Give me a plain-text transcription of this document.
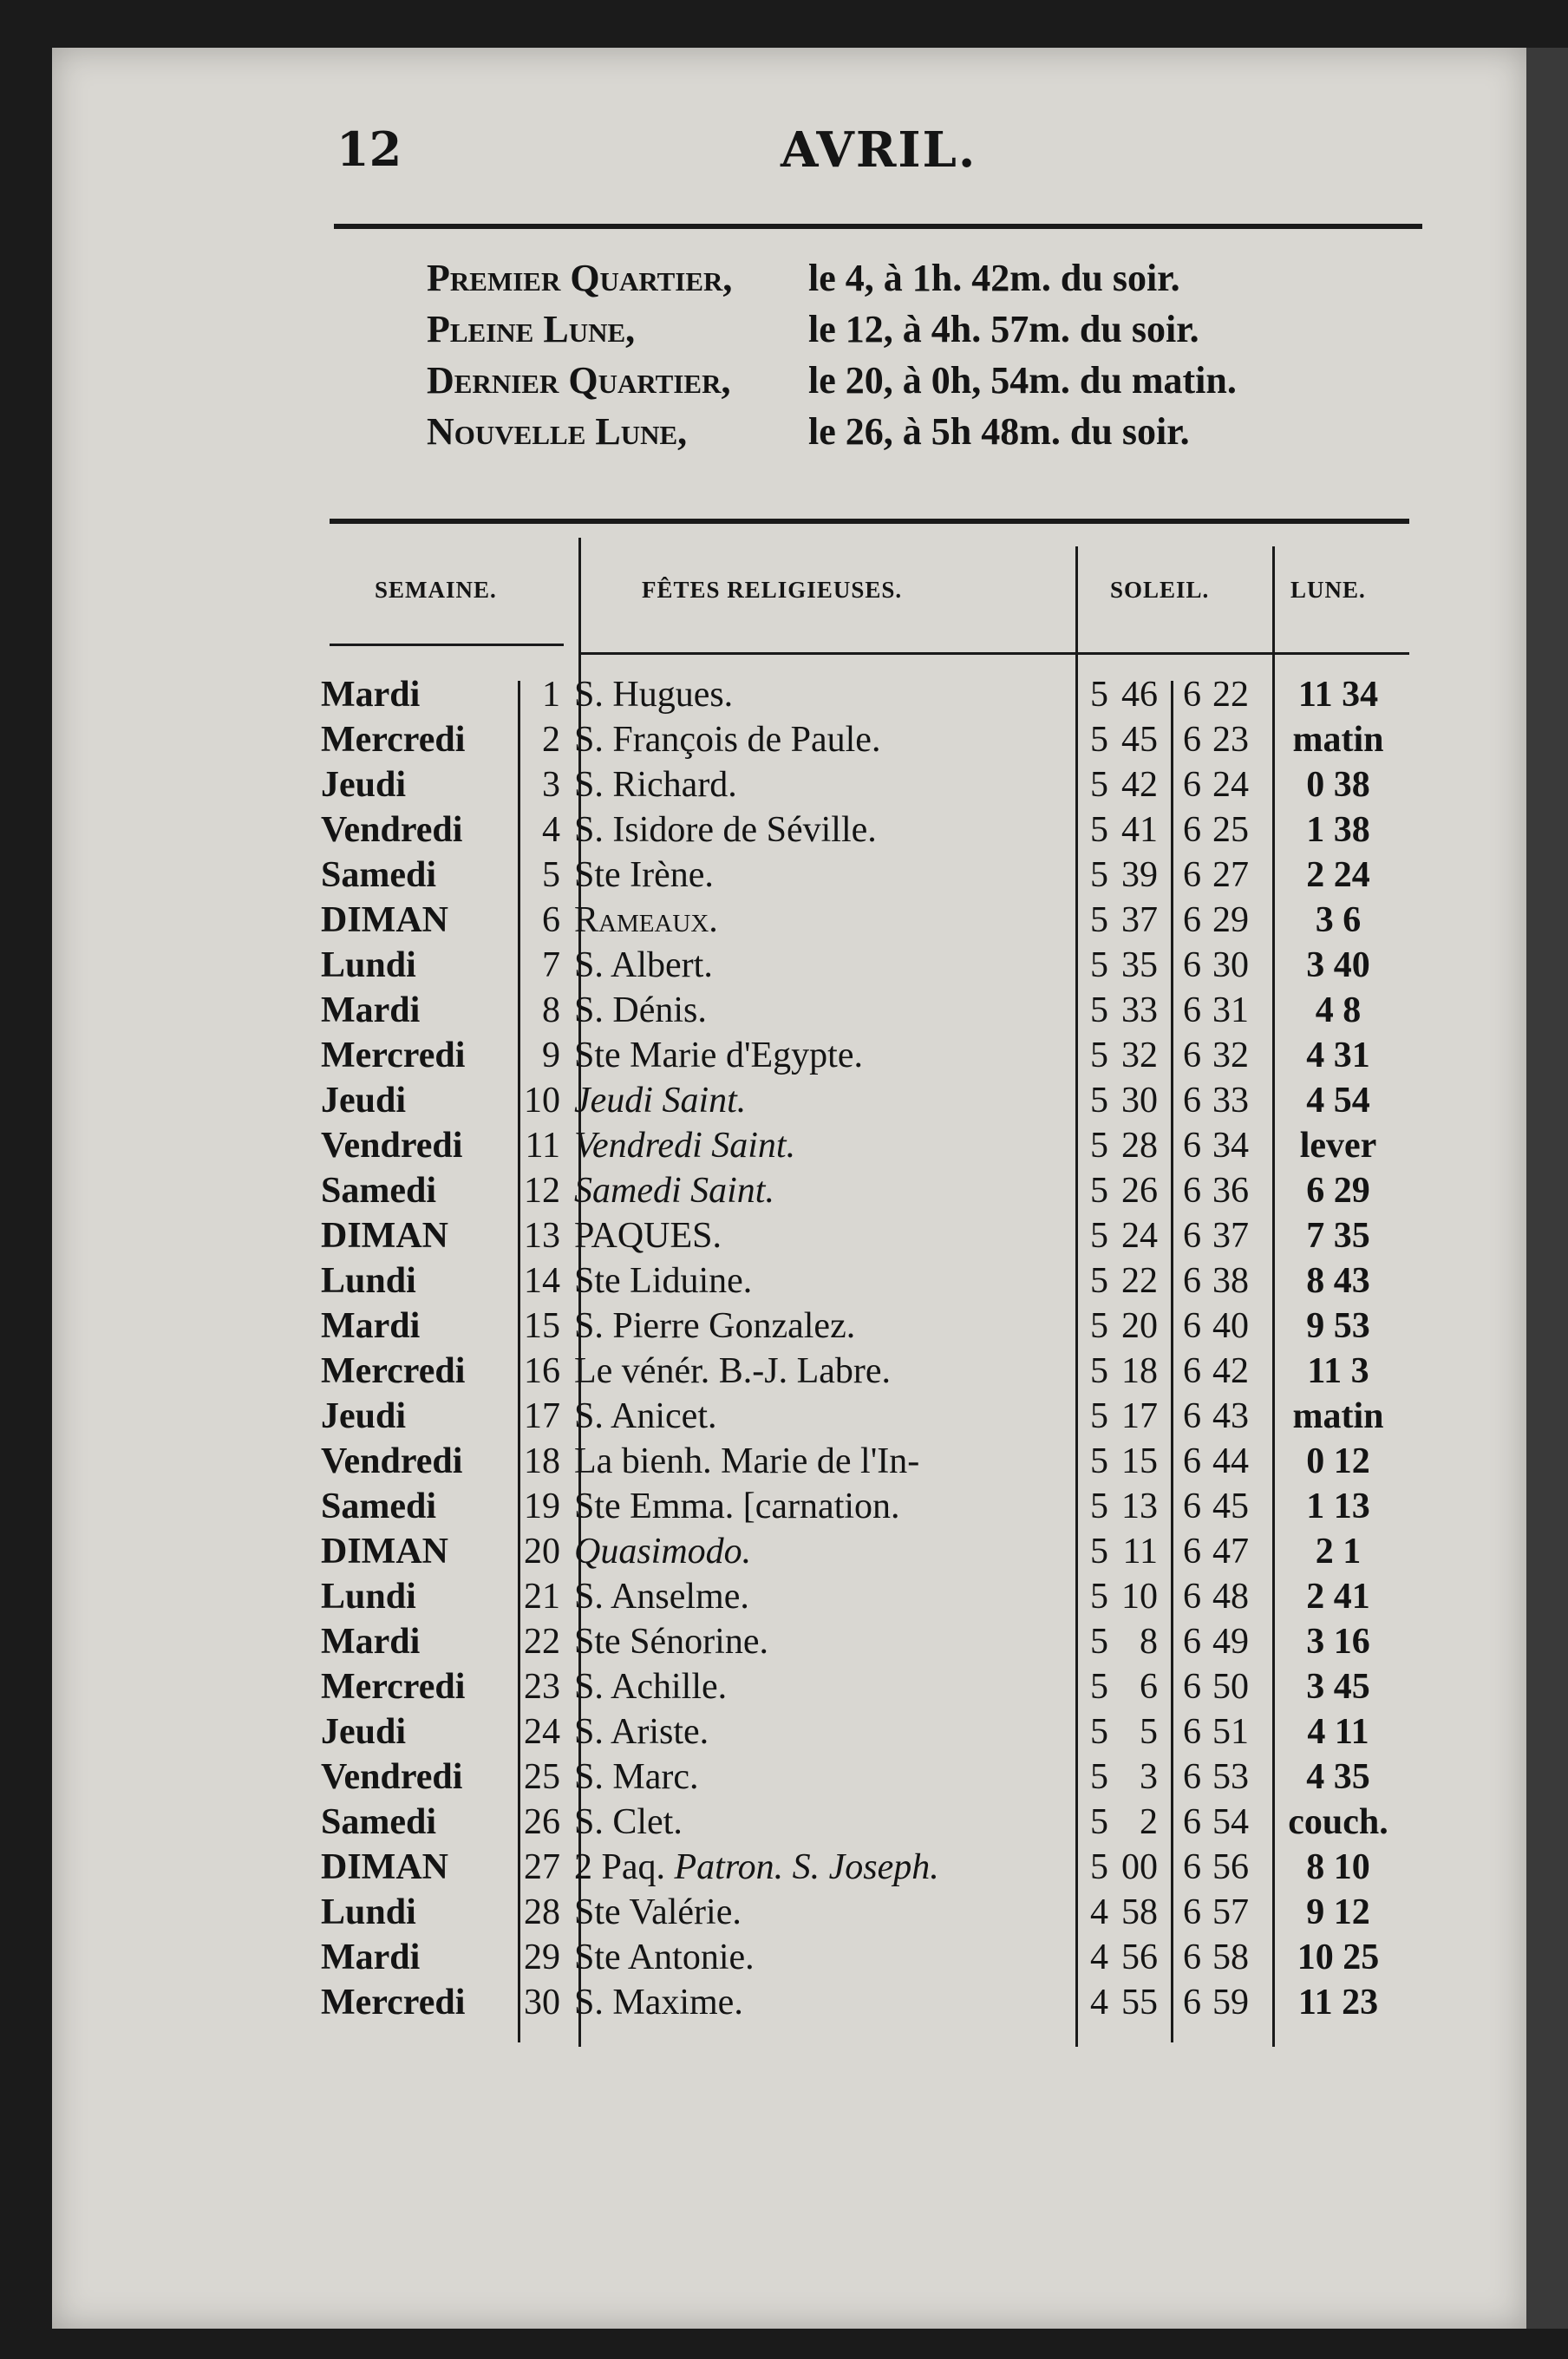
12	AVRIL.
Premier Quartier, le 4, à 1h. 42m. du soir.
Pleine Lune,	le 12, à 4h. 57m. du soir.
Dernier Quartier, le 20, à 0h, 54m. du matin.
Nouvelle Lune,	le 26, à 5h 48m. du soir.
SEMAINE.	FÊTES RELIGIEUSES.	SOLEIL.	LUNE.
Mardi	1 S. Hugues.	5 46 6 22	11 34
Mercredi	2 S. François de Paule.	5 45 6 23	matin
Jeudi	3 S. Richard.	5 42 6 24	0 38
Vendredi	4 S. Isidore de Séville.	5 41 6 25	1 38
Samedi	5 Ste Irène.	5 39 6 27	2 24
DIMAN	6 Rameaux.	5 37 6 29	3 6
Lundi	7 S. Albert.	5 35 6 30	3 40
Mardi	8 S. Dénis.	5 33 6 31	4 8
Mercredi	9 Ste Marie d'Egypte.	5 32 6 32	4 31
Jeudi	10 Jeudi Saint.	5 30 6 33	4 54
Vendredi	11 Vendredi Saint.	5 28 6 34	lever
Samedi	12 Samedi Saint.	5 26 6 36	6 29
DIMAN	13 PAQUES.	5 24 6 37	7 35
Lundi	14 Ste Liduine.	5 22 6 38	8 43
Mardi	15 S. Pierre Gonzalez.	5 20 6 40	9 53
Mercredi	16 Le vénér. B.-J. Labre.	5 18 6 42	11 3
Jeudi	17 S. Anicet.	5 17 6 43	matin
Vendredi	18 La bienh. Marie de l'In-	5 15 6 44	0 12
Samedi	19 Ste Emma. [carnation.	5 13 6 45	1 13
DIMAN	20 Quasimodo.	5 11 6 47	2 1
Lundi	21 S. Anselme.	5 10 6 48	2 41
Mardi	22 Ste Sénorine.	5 8 6 49	3 16
Mercredi	23 S. Achille.	5 6 6 50	3 45
Jeudi	24 S. Ariste.	5 5 6 51	4 11
Vendredi	25 S. Marc.	5 3 6 53	4 35
Samedi	26 S. Clet.	5 2 6 54	couch.
DIMAN	27 2 Paq. Patron. S. Joseph.	5 00 6 56	8 10
Lundi	28 Ste Valérie.	4 58 6 57	9 12
Mardi	29 Ste Antonie.	4 56 6 58	10 25
Mercredi	30 S. Maxime.	4 55 6 59	11 23
